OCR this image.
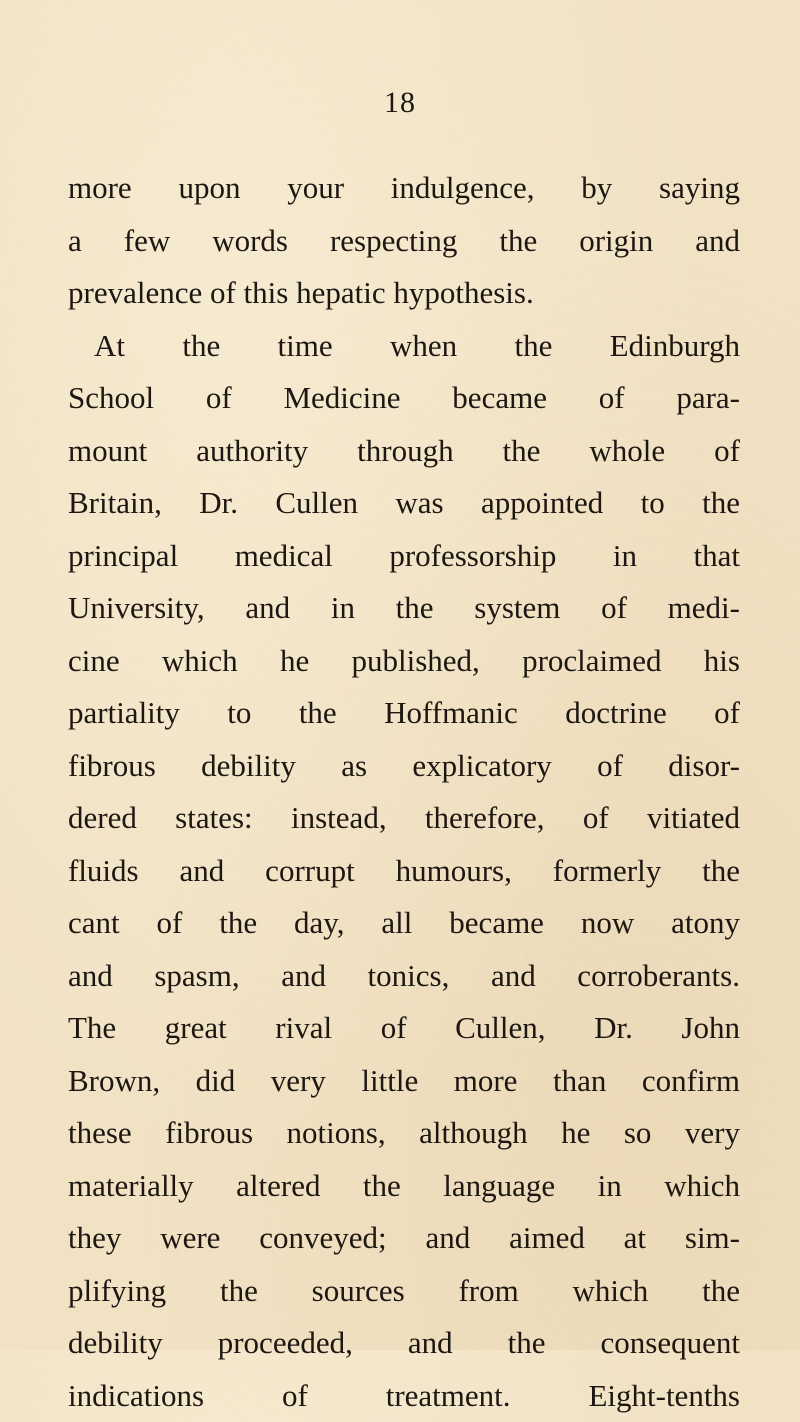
18
more upon your indulgence, by saying
a few words respecting the origin and
prevalence of this hepatic hypothesis.
At the time when the Edinburgh
School of Medicine became of para-
mount authority through the whole of
Britain, Dr. Cullen was appointed to the
principal medical professorship in that
University, and in the system of medi-
cine which he published, proclaimed his
partiality to the Hoffmanic doctrine of
fibrous debility as explicatory of disor-
dered states: instead, therefore, of vitiated
fluids and corrupt humours, formerly the
cant of the day, all became now atony
and spasm, and tonics, and corroberants.
The great rival of Cullen, Dr. John
Brown, did very little more than confirm
these fibrous notions, although he so very
materially altered the language in which
they were conveyed; and aimed at sim-
plifying the sources from which the
debility proceeded, and the consequent
indications of treatment. Eight-tenths
